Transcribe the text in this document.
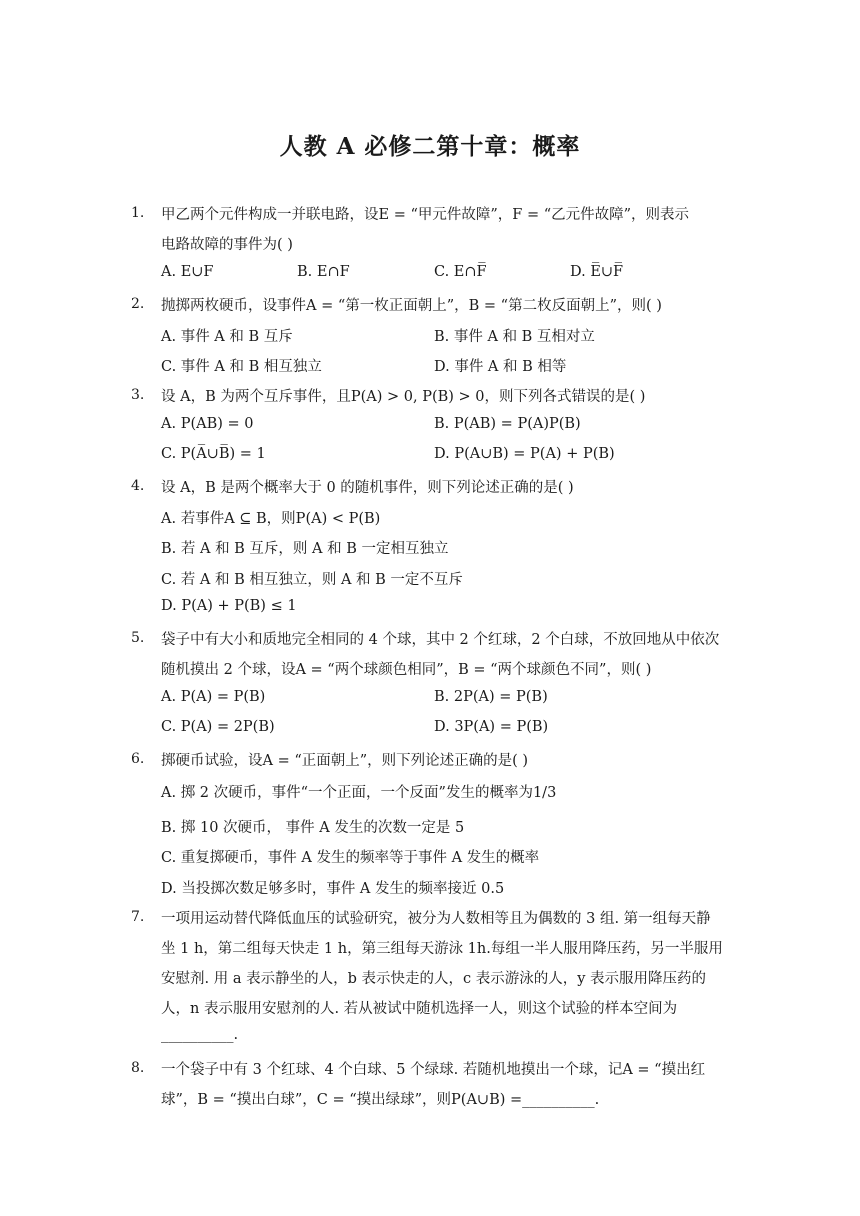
人教 A 必修二第十章：概率
1. 甲乙两个元件构成一并联电路，设E = “甲元件故障”，F = “乙元件故障”，则表示
电路故障的事件为( )
A. E∪F	B. E∩F	C. E∩F̅	D. E̅∪F̅
2. 抛掷两枚硬币，设事件A = “第一枚正面朝上”，B = “第二枚反面朝上”，则( )
A. 事件 A 和 B 互斥	B. 事件 A 和 B 互相对立
C. 事件 A 和 B 相互独立	D. 事件 A 和 B 相等
3. 设 A，B 为两个互斥事件，且P(A) > 0, P(B) > 0，则下列各式错误的是( )
A. P(AB) = 0	B. P(AB) = P(A)P(B)
C. P(A̅∪B̅) = 1	D. P(A∪B) = P(A) + P(B)
4. 设 A，B 是两个概率大于 0 的随机事件，则下列论述正确的是( )
A. 若事件A ⊆ B，则P(A) < P(B)
B. 若 A 和 B 互斥，则 A 和 B 一定相互独立
C. 若 A 和 B 相互独立，则 A 和 B 一定不互斥
D. P(A) + P(B) ≤ 1
5. 袋子中有大小和质地完全相同的 4 个球，其中 2 个红球，2 个白球，不放回地从中依次
随机摸出 2 个球，设A = “两个球颜色相同”，B = “两个球颜色不同”，则( )
A. P(A) = P(B)	B. 2P(A) = P(B)
C. P(A) = 2P(B)	D. 3P(A) = P(B)
6. 掷硬币试验，设A = “正面朝上”，则下列论述正确的是( )
A. 掷 2 次硬币，事件“一个正面，一个反面”发生的概率为1/3
B. 掷 10 次硬币， 事件 A 发生的次数一定是 5
C. 重复掷硬币，事件 A 发生的频率等于事件 A 发生的概率
D. 当投掷次数足够多时，事件 A 发生的频率接近 0.5
7. 一项用运动替代降低血压的试验研究，被分为人数相等且为偶数的 3 组. 第一组每天静
坐 1 h，第二组每天快走 1 h，第三组每天游泳 1h.每组一半人服用降压药，另一半服用
安慰剂. 用 a 表示静坐的人，b 表示快走的人，c 表示游泳的人，y 表示服用降压药的
人，n 表示服用安慰剂的人. 若从被试中随机选择一人，则这个试验的样本空间为
__________.
8. 一个袋子中有 3 个红球、4 个白球、5 个绿球. 若随机地摸出一个球，记A = “摸出红
球”，B = “摸出白球”，C = “摸出绿球”，则P(A∪B) =__________.
